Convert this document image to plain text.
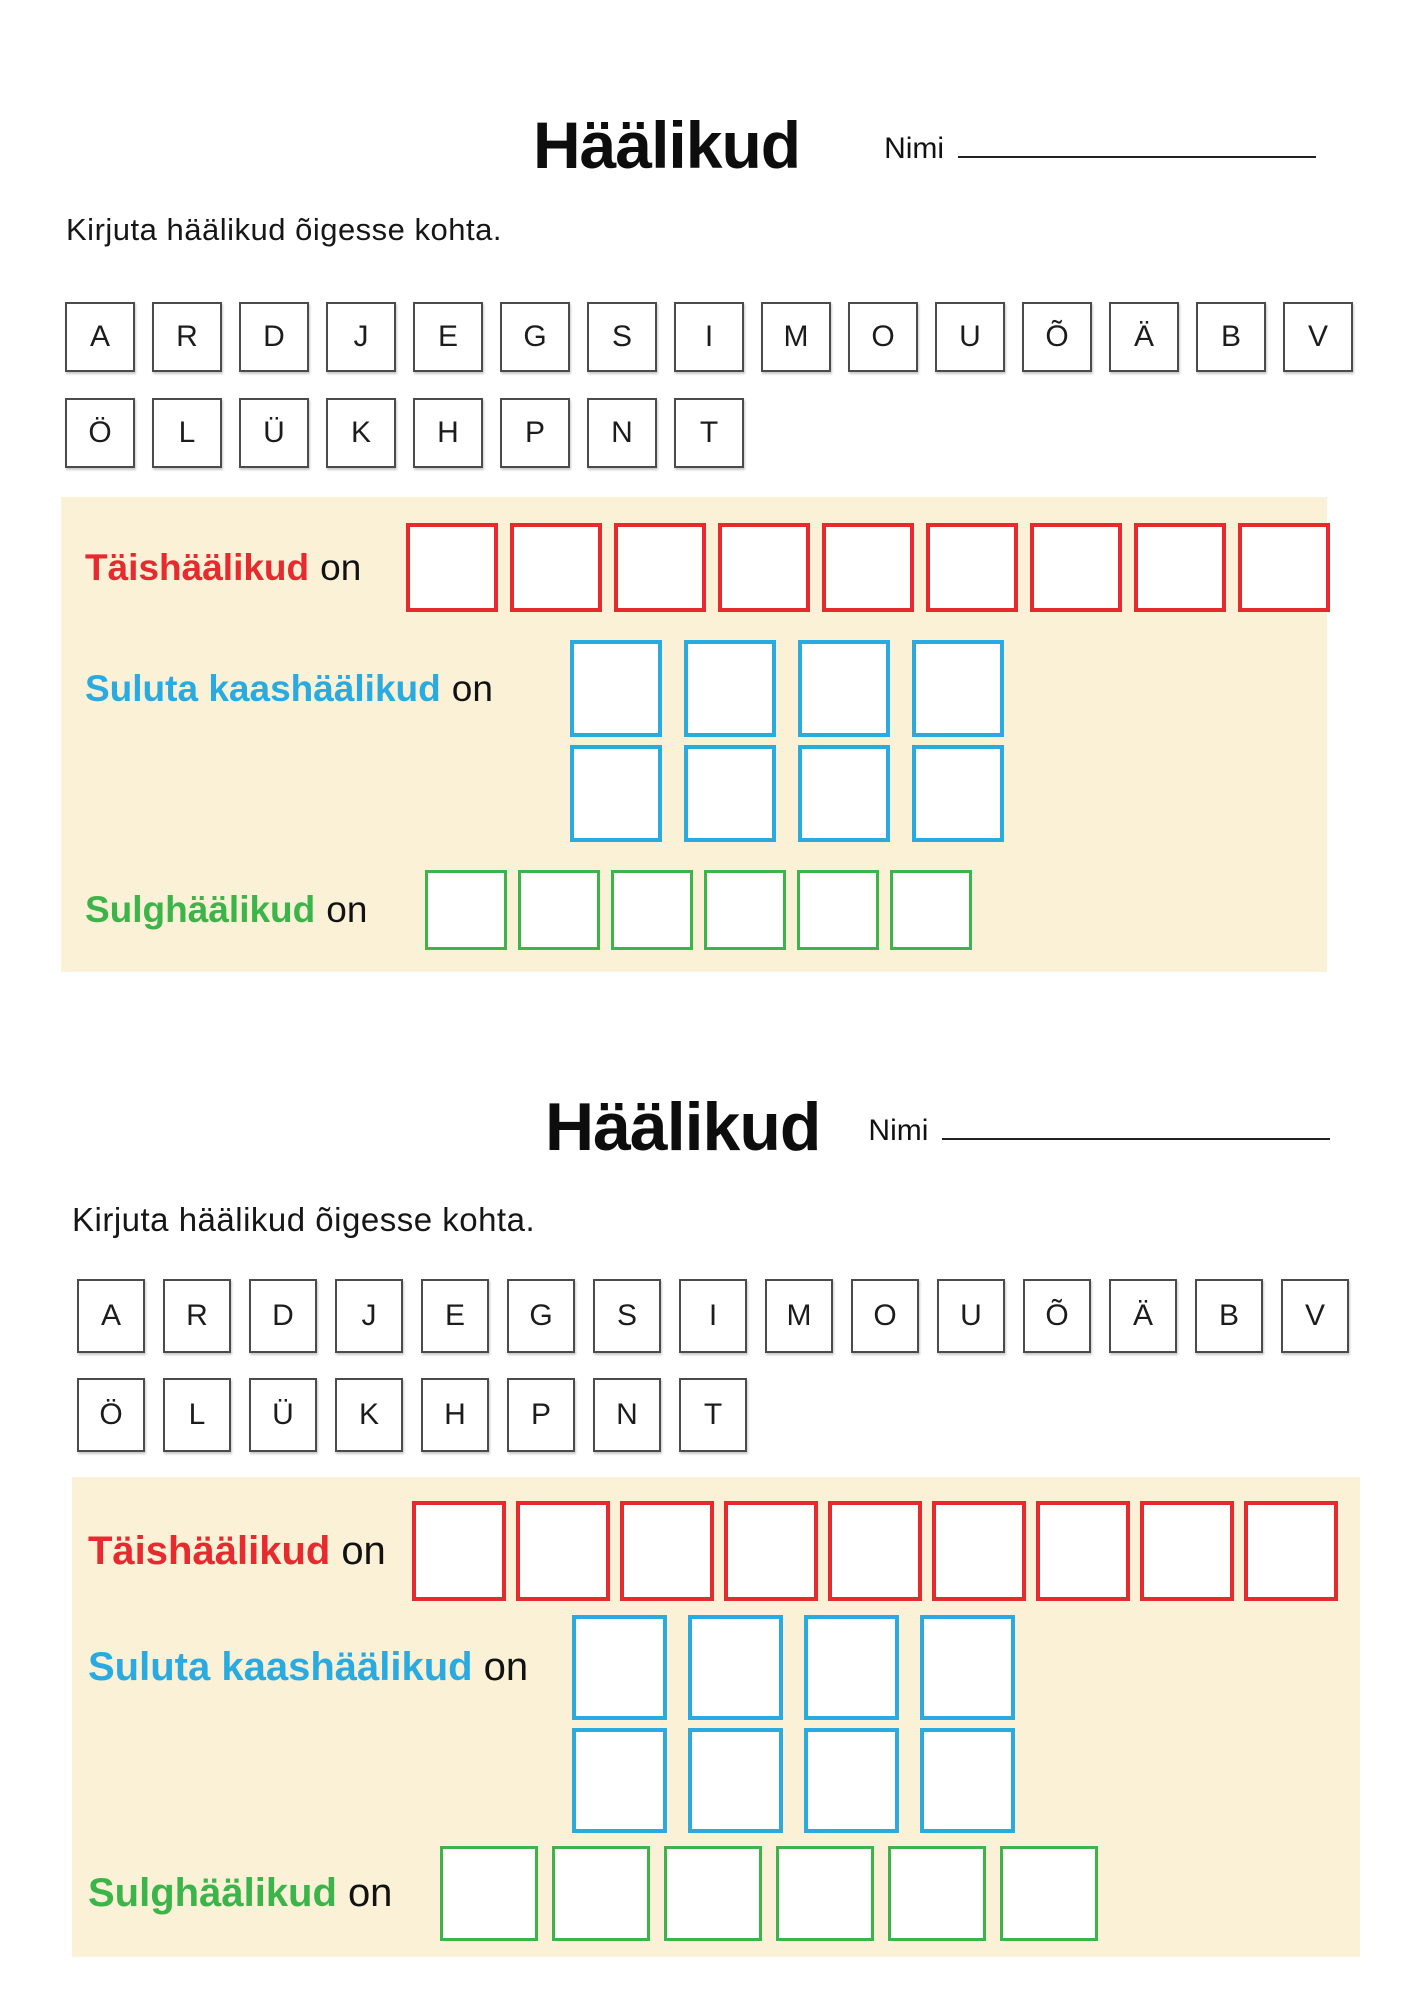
Häälikud	Nimi

Kirjuta häälikud õigesse kohta.

A	R	D	J	E	G	S	I	M	O	U	Õ	Ä	B	V
Ö	L	Ü	K	H	P	N	T
Täishäälikud on
Suluta kaashäälikud on
Sulghäälikud on
Häälikud Nimi

Kirjuta häälikud õigesse kohta.

A	R	D	J	E	G	S	I	M	O	U	Õ	Ä	B	V
Ö	L	Ü	K	H	P	N	T
Täishäälikud on
Suluta kaashäälikud on
Sulghäälikud on
